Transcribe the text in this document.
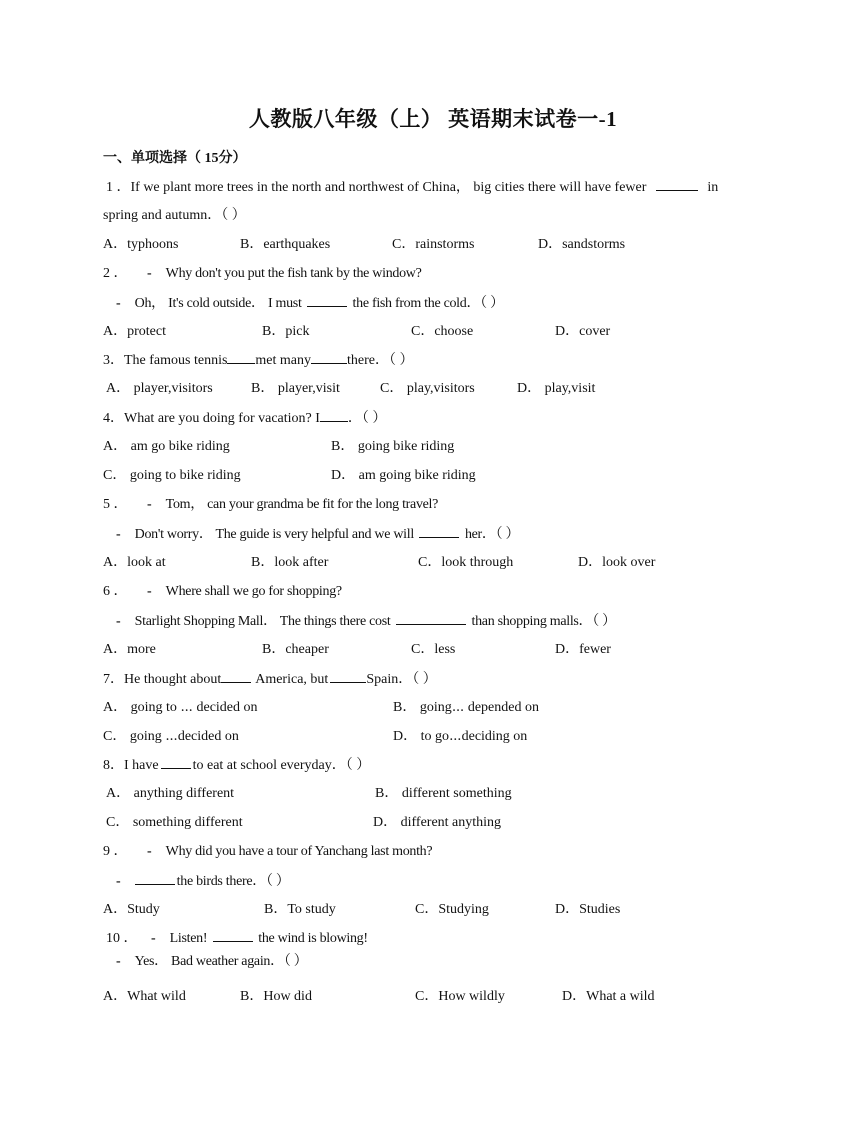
人教版八年级（上） 英语期末试卷一-1
一、单项选择（ 15分）
1 ．If we plant more trees in the north and northwest of China， big cities there will have fewer	in
spring and autumn．（ ）
A．typhoons	B．earthquakes	C．rainstorms	D．sandstorms
2 ． - Why don't you put the fish tank by the window?
- Oh， It's cold outside． I must	the fish from the cold．（ ）
A．protect	B．pick	C．choose	D．cover
3．The famous tennis met many	there．（ ）
A． player,visitors	B． player,visit	C． play,visitors	D． play,visit
4．What are you doing for vacation? I ．（ ）
A． am go bike riding	B． going bike riding
C． going to bike riding	D． am going bike riding
5 ． - Tom， can your grandma be fit for the long travel?
- Don't worry． The guide is very helpful and we will	her．（ ）
A．look at	B．look after	C．look through	D．look over
6 ． - Where shall we go for shopping?
- Starlight Shopping Mall． The things there cost	than shopping malls．（ ）
A．more	B．cheaper	C．less	D．fewer
7．He thought about America, but	Spain．（ ）
A． going to ⋯ decided on	B． going⋯ depended on
C． going ⋯decided on	D． to go⋯deciding on
8．I have to eat at school everyday．（ ）
A． anything different	B． different something
C． something different	D． different anything
9 ． - Why did you have a tour of Yanchang last month?
-	the birds there．（ ）
A．Study	B．To study	C．Studying	D．Studies
10 ． - Listen!	the wind is blowing!
- Yes． Bad weather again．（ ）
A．What wild	B．How did	C．How wildly	D．What a wild
